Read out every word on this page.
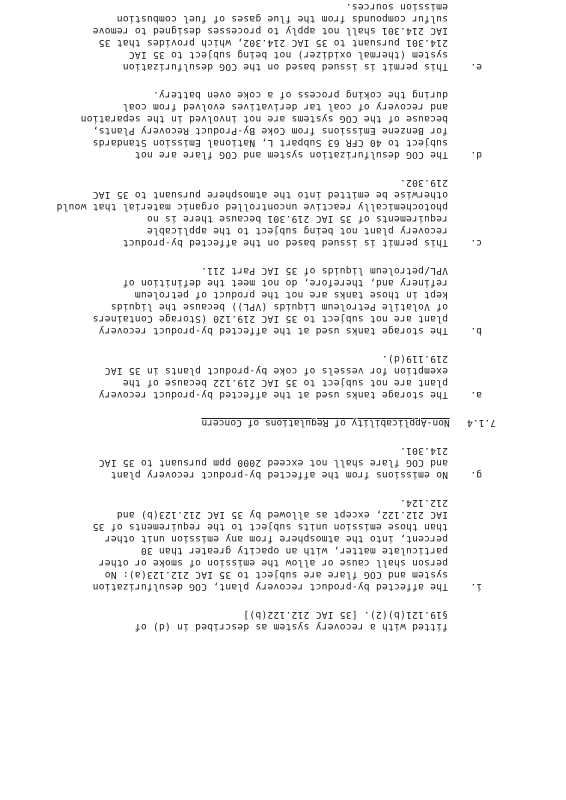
fitted with a recovery system as described in (d) of
§19.121(b)(2). [35 IAC 212.122(b)]
i.
The affected by-product recovery plant, COG desulfurization
system and COG flare are subject to 35 IAC 212.123(a): No
person shall cause or allow the emission of smoke or other
particulate matter, with an opacity greater than 30
percent, into the atmosphere from any emission unit other
than those emission units subject to the requirements of 35
IAC 212.122, except as allowed by 35 IAC 212.123(b) and
212.124.
g.
No emissions from the affected by-product recovery plant
and COG flare shall not exceed 2000 ppm pursuant to 35 IAC
214.301.
7.1.4   Non-Applicability of Regulations of Concern
a.
The storage tanks used at the affected by-product recovery
plant are not subject to 35 IAC 219.122 because of the
exemption for vessels of coke by-product plants in 35 IAC
219.119(d).
b.
The storage tanks used at the affected by-product recovery
plant are not subject to 35 IAC 219.120 (Storage Containers
of Volatile Petroleum Liquids (VPL)) because the liquids
kept in those tanks are not the product of petroleum
refinery and, therefore, do not meet the definition of
VPL/petroleum liquids of 35 IAC Part 211.
c.
This permit is issued based on the affected by-product
recovery plant not being subject to the applicable
requirements of 35 IAC 219.301 because there is no
photochemically reactive uncontrolled organic material that would
otherwise be emitted into the atmosphere pursuant to 35 IAC
219.302.
d.
The COG desulfurization system and COG flare are not
subject to 40 CFR 63 Subpart L, National Emission Standards
for Benzene Emissions from Coke By-Product Recovery Plants,
because of the COG systems are not involved in the separation
and recovery of coal tar derivatives evolved from coal
during the coking process of a coke oven battery.
e.
This permit is issued based on the COG desulfurization
system (thermal oxidizer) not being subject to 35 IAC
214.301 pursuant to 35 IAC 214.302, which provides that 35
IAC 214.301 shall not apply to processes designed to remove
sulfur compounds from the flue gases of fuel combustion
emission sources.
